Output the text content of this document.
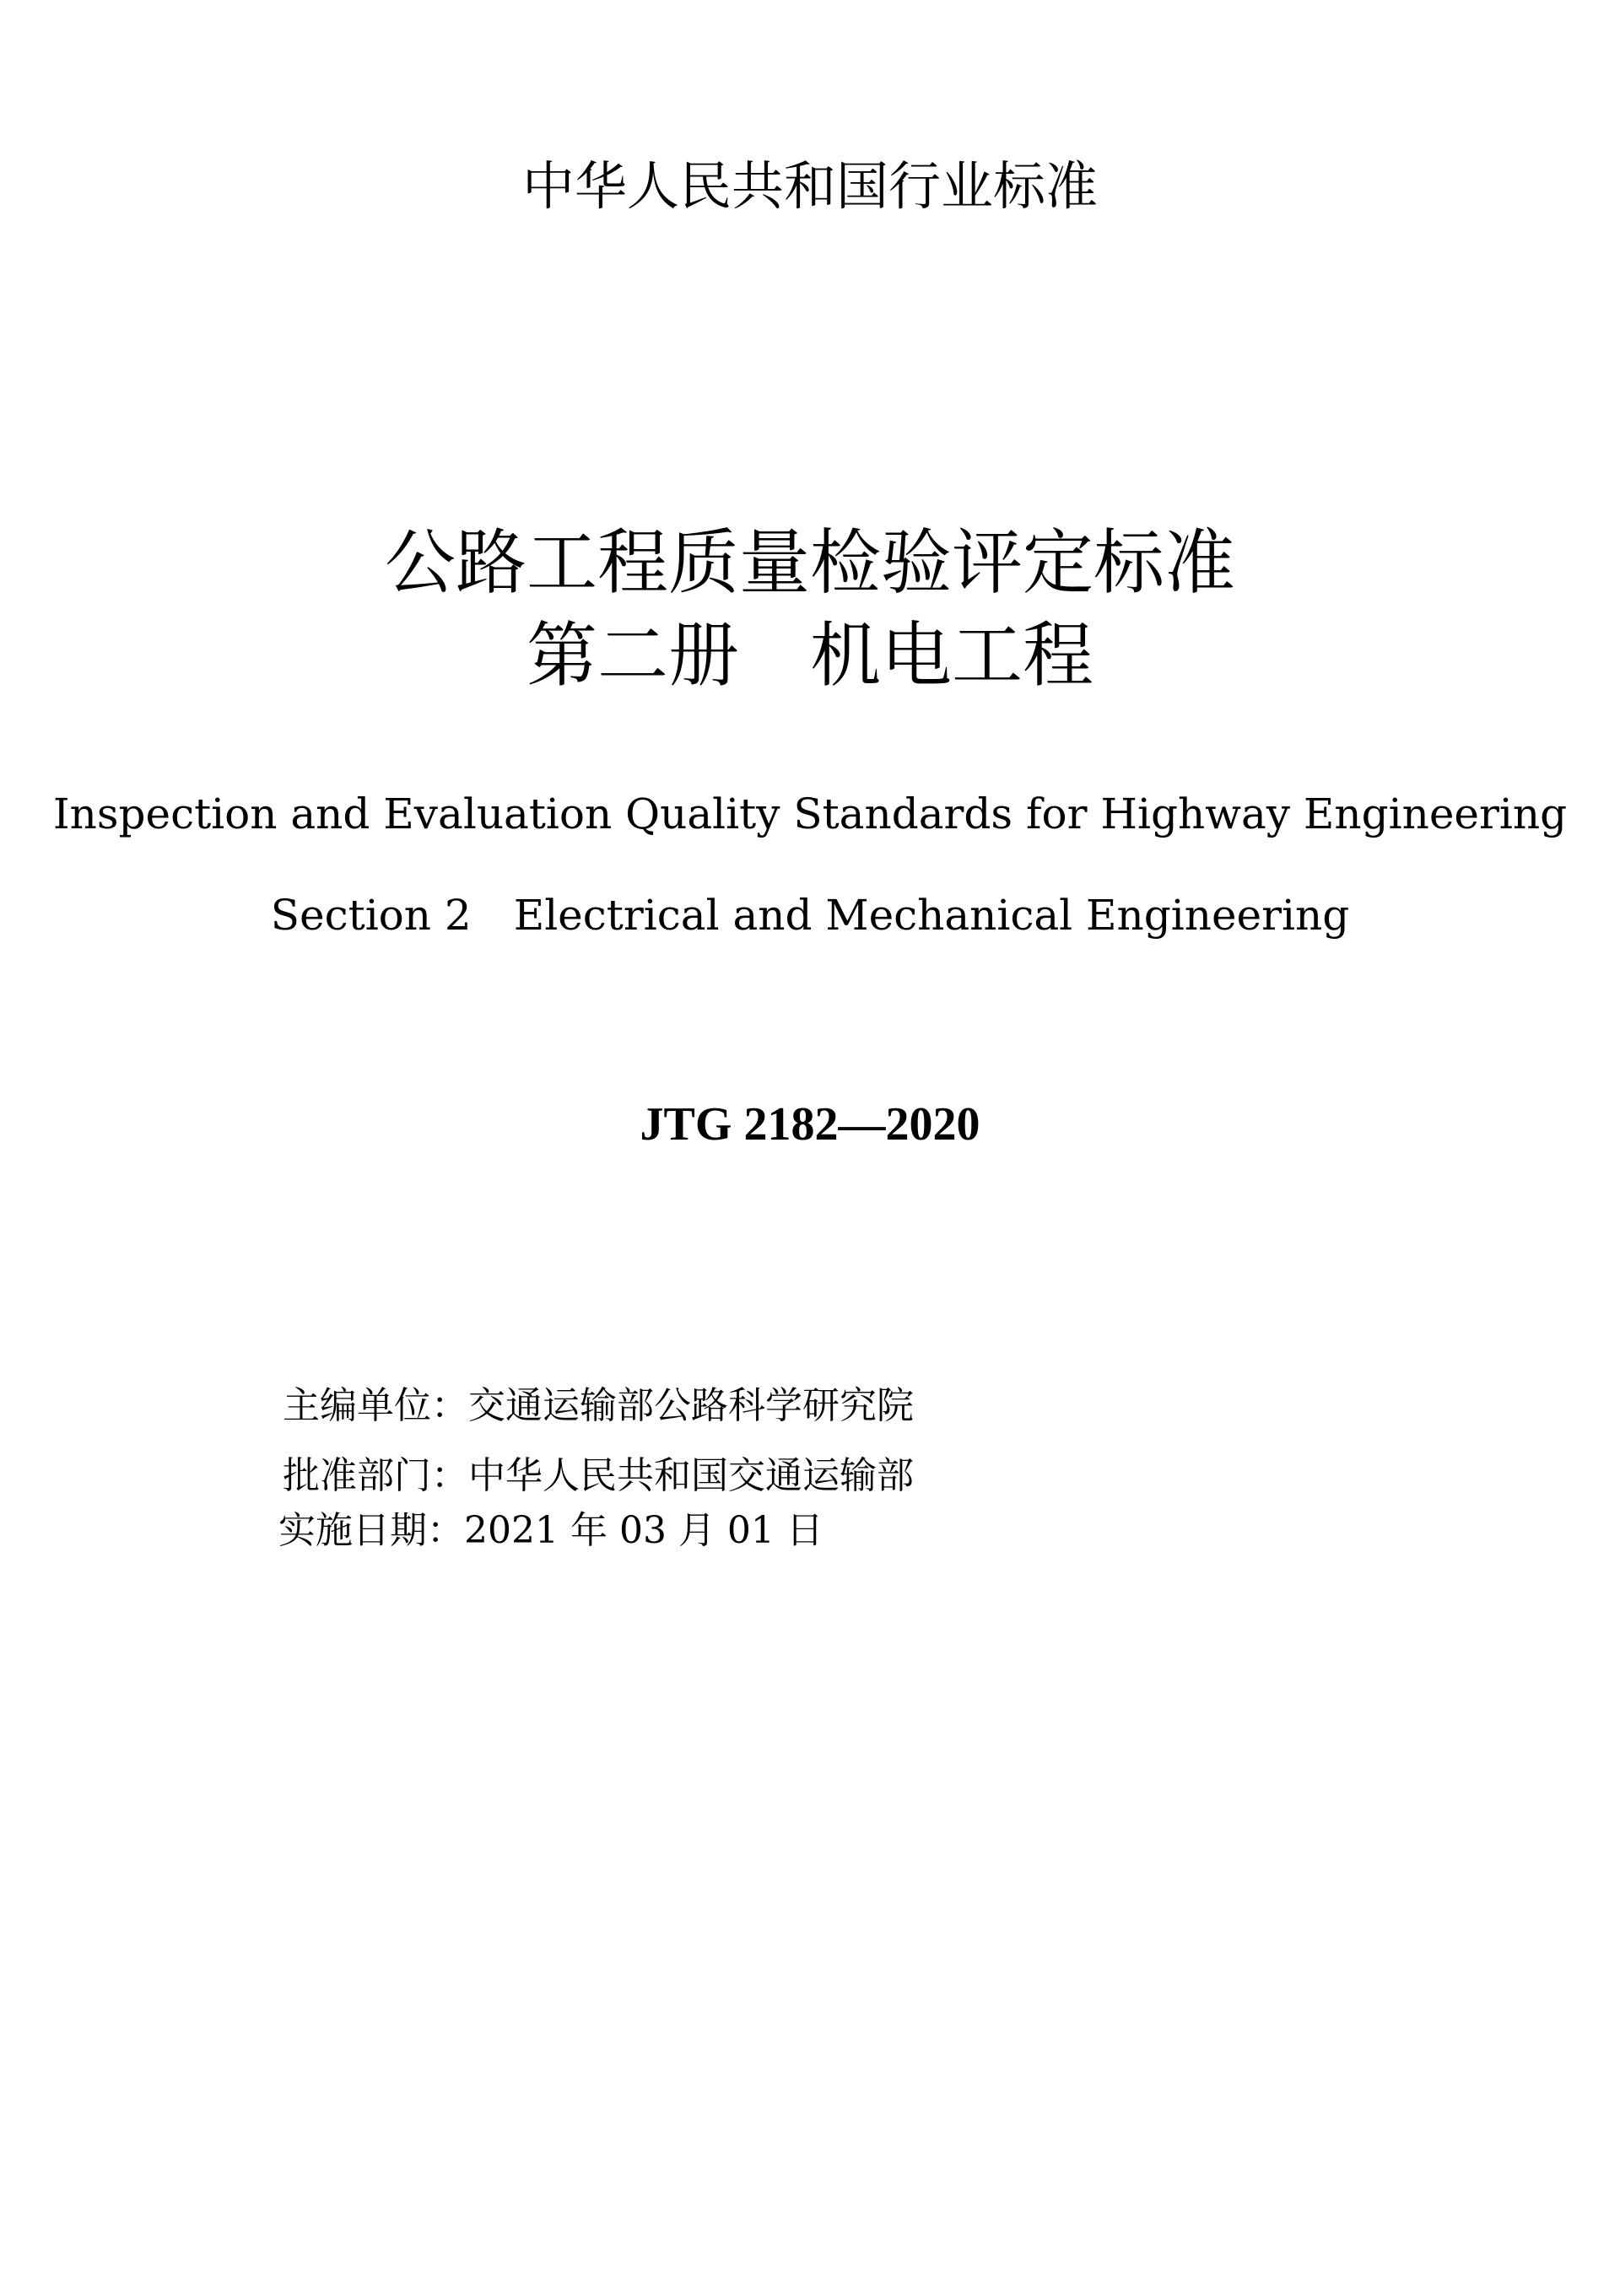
中华人民共和国行业标准
公路工程质量检验评定标准
第二册　机电工程
Inspection and Evaluation Quality Standards for Highway Engineering
Section 2　Electrical and Mechanical Engineering
JTG 2182—2020
主编单位：交通运输部公路科学研究院
批准部门：中华人民共和国交通运输部
实施日期：2021 年 03 月 01 日
